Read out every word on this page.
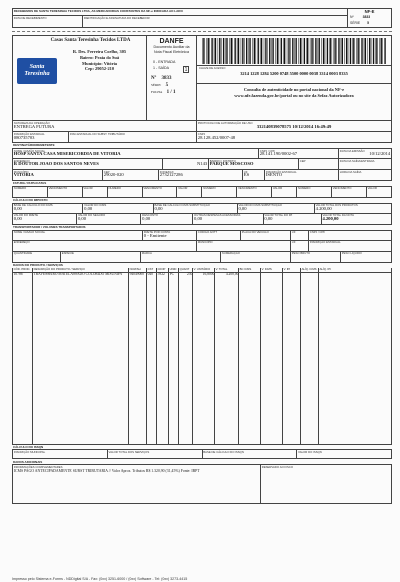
RECEBEMOS DE SANTA TERESINHA TECIDOS LTDA, AS MERCADORIAS CONSTANTES DA NF-e INDICADA AO LADO
DATA DE RECEBIMENTO	IDENTIFICAÇÃO E ASSINATURA DO RECEBEDOR
NF-E
Nº	3833
SÉRIE 5
Casas Santa Teresinha Tecidos LTDA
Santa Teresinha
R. Des. Ferreira Coelho, 305
Bairro: Praia do Suá
Município: Vitória
Cep: 29052-210
DANFE
Documento Auxiliar da
Nota Fiscal Eletrônica
0 - ENTRADA
1 - SAÍDA	1
Nº 3833
SÉRIE: 5
FOLHA 1 / 1
CHAVE DE ACESSO
3214 1228 1284 5200 0748 5500 0000 0038 3314 0003 8335
Consulta de autenticidade no portal nacional da NF-e
www.nfe.fazenda.gov.br/portal ou no site da Sefaz Autorizadora
NATUREZA DA OPERAÇÃO
ENTREGA FUTURA
PROTOCOLO DE AUTORIZAÇÃO DE USO
332140839078575 10/12/2014 16:49:49
INSCRIÇÃO ESTADUAL
080735703
INSC.ESTADUAL DO SUBST. TRIBUTÁRIO	CNPJ
28.128.452/0007-48
DESTINATÁRIO/REMETENTE
NOME / RAZÃO SOCIAL
HOSP SANTA CASA MISERICORDIA DE VITORIA
CNPJ / CPF
28.141.190/0002-67
DATA DA EMISSÃO
10/12/2014
ENDEREÇO
R DOUTOR JOAO DOS SANTOS NEVES
	N143
BAIRRO / DISTRITO
PARQUE MOSCOSO
CEP	DATA DA SAÍDA/ENTRADA
MUNICÍPIO
VITORIA
CEP
29020-020
FONE/FAX
2732127286
UF
ES
INSCRIÇÃO ESTADUAL
ISENTO
HORA DA SAÍDA
FATURA / DUPLICATAS
NÚMERO	VENCIMENTO	VALOR	NÚMERO	VENCIMENTO	VALOR	NÚMERO	VENCIMENTO	VALOR	NÚMERO	VENCIMENTO	VALOR
CÁLCULO DO IMPOSTO
BASE DE CÁLCULO DO ICMS
0,00
VALOR DO ICMS
0,00
BASE DE CÁLCULO ICMS SUBSTITUIÇÃO
0,00
VALOR DO ICMS SUBSTITUIÇÃO
0,00
VALOR TOTAL DOS PRODUTOS
4.200,00
VALOR DO FRETE
0,00
VALOR DO SEGURO
0,00
DESCONTO
0,00
OUTRAS DESPESAS ACESSÓRIAS
0,00
VALOR TOTAL DO IPI
0,00
VALOR TOTAL DA NOTA
4.200,00
TRANSPORTADOR / VOLUMES TRANSPORTADOS
NOME / RAZÃO SOCIAL	FRETE POR CONTA
0 - Emitente
CÓDIGO ANTT	PLACA DO VEÍCULO	UF	CNPJ / CPF
ENDEREÇO	MUNICÍPIO	UF	INSCRIÇÃO ESTADUAL
QUANTIDADE	ESPÉCIE	MARCA	NUMERAÇÃO	PESO BRUTO	PESO LÍQUIDO
DADOS DO PRODUTO / SERVIÇOS
CÓD. PROD.	DESCRIÇÃO DO PRODUTO / SERVIÇO	NCM/SH	CST	CFOP	UNID	QUANT	V. UNITÁRIO	V. TOTAL	BC ICMS	V. ICMS	V. IPI	ALÍQ. ICMS	ALÍQ. IPI
10786	TRAVESSEIRO MATELASSADO COLORIDO MISUNIPA	94049000	040	5922	PC	250	16,8000	4.200,00
CÁLCULO DO ISSQN
INSCRIÇÃO MUNICIPAL	VALOR TOTAL DOS SERVIÇOS	BASE DE CÁLCULO DO ISSQN	VALOR DO ISSQN
DADOS ADICIONAIS
INFORMAÇÕES COMPLEMENTARES
ICMS PAGO ANTECIPADAMENTE SUBST TRIBUTARIA // Valor Aprox. Tributos R$ 1.320,90 (31,45%) Fonte: IBPT
RESERVADO AO FISCO
Impresso pelo Sistema e-Forms - NDDigital S/A - Fax: (0xx) 3251-6000 / (0xx) Software - Tel: (0xx) 3273-4415
